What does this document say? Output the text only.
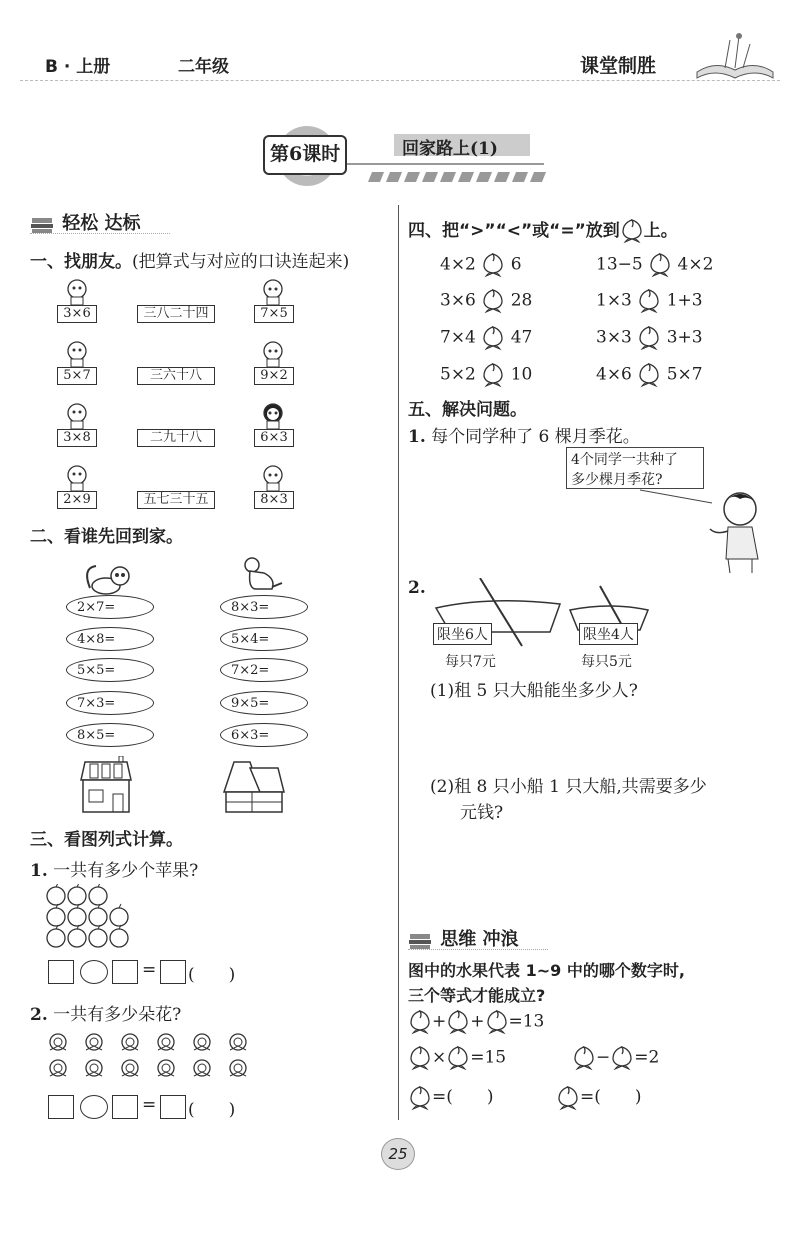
B · 上册	二年级	课堂制胜
第6课时	回家路上(1)
轻松 达标
一、找朋友。(把算式与对应的口诀连起来)
二、看谁先回到家。
三、看图列式计算。
1. 一共有多少个苹果?
2. 一共有多少朵花?
四、把“>”“<”或“=”放到 上。
五、解决问题。
1. 每个同学种了 6 棵月季花。
4个同学一共种了
多少棵月季花?
2.
限坐6人	限坐4人
每只7元	每只5元
(1)租 5 只大船能坐多少人?
(2)租 8 只小船 1 只大船,共需要多少
元钱?
思维 冲浪
图中的水果代表 1~9 中的哪个数字时,
三个等式才能成立?
+ + =13
× =15	− =2
=(　　)	=(　　)
25
3×6	三八二十四	7×5
5×7	三六十八	9×2
3×8	二九十八	6×3
2×9	五七三十五	8×3
2×7=	8×3=
4×8=	5×4=
5×5=	7×2=
7×3=	9×5=
8×5=	6×3=
= (　　)
= (　　)
4×2 6	13−5 4×2
3×6 28	1×3 1+3
7×4 47	3×3 3+3
5×2 10	4×6 5×7
